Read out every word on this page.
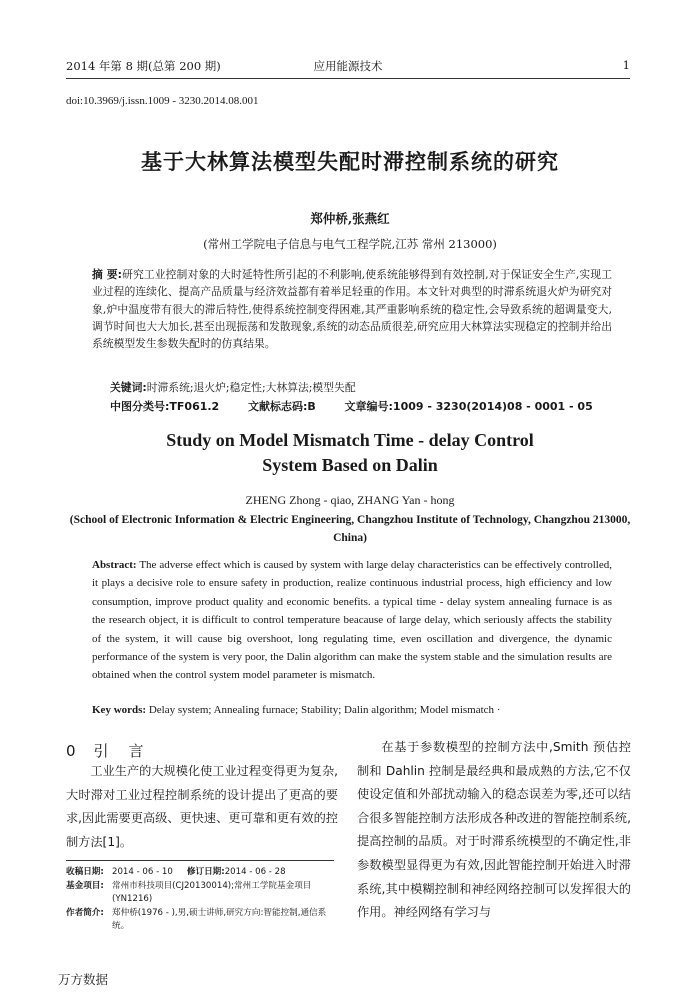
2014 年第 8 期(总第 200 期)	应用能源技术	1
doi:10.3969/j.issn.1009 - 3230.2014.08.001
基于大林算法模型失配时滞控制系统的研究
郑仲桥,张燕红
(常州工学院电子信息与电气工程学院,江苏 常州 213000)
摘 要:研究工业控制对象的大时延特性所引起的不利影响,使系统能够得到有效控制,对于保证安全生产,实现工业过程的连续化、提高产品质量与经济效益都有着举足轻重的作用。本文针对典型的时滞系统退火炉为研究对象,炉中温度带有很大的滞后特性,使得系统控制变得困难,其严重影响系统的稳定性,会导致系统的超调量变大,调节时间也大大加长,甚至出现振荡和发散现象,系统的动态品质很差,研究应用大林算法实现稳定的控制并给出系统模型发生参数失配时的仿真结果。
关键词:时滞系统;退火炉;稳定性;大林算法;模型失配
中图分类号:TF061.2	文献标志码:B	文章编号:1009 - 3230(2014)08 - 0001 - 05
Study on Model Mismatch Time - delay Control
System Based on Dalin
ZHENG Zhong - qiao, ZHANG Yan - hong
(School of Electronic Information & Electric Engineering, Changzhou Institute of Technology, Changzhou 213000, China)
Abstract: The adverse effect which is caused by system with large delay characteristics can be effectively controlled, it plays a decisive role to ensure safety in production, realize continuous industrial process, high efficiency and low consumption, improve product quality and economic benefits. a typical time - delay system annealing furnace is as the research object, it is difficult to control temperature beacause of large delay, which seriously affects the stability of the system, it will cause big overshoot, long regulating time, even oscillation and divergence, the dynamic performance of the system is very poor, the Dalin algorithm can make the system stable and the simulation results are obtained when the control system model parameter is mismatch.
Key words: Delay system; Annealing furnace; Stability; Dalin algorithm; Model mismatch ·
0 引言
工业生产的大规模化使工业过程变得更为复杂,大时滞对工业过程控制系统的设计提出了更高的要求,因此需要更高级、更快速、更可靠和更有效的控制方法[1]。
在基于参数模型的控制方法中,Smith 预估控制和 Dahlin 控制是最经典和最成熟的方法,它不仅使设定值和外部扰动输入的稳态误差为零,还可以结合很多智能控制方法形成各种改进的智能控制系统,提高控制的品质。对于时滞系统模型的不确定性,非参数模型显得更为有效,因此智能控制开始进入时滞系统,其中模糊控制和神经网络控制可以发挥很大的作用。神经网络有学习与
收稿日期: 2014 - 06 - 10 修订日期: 2014 - 06 - 28
基金项目: 常州市科技项目(CJ20130014);常州工学院基金项目(YN1216)
作者简介: 郑仲桥(1976 - ),男,硕士讲师,研究方向:智能控制,通信系统。
万方数据
